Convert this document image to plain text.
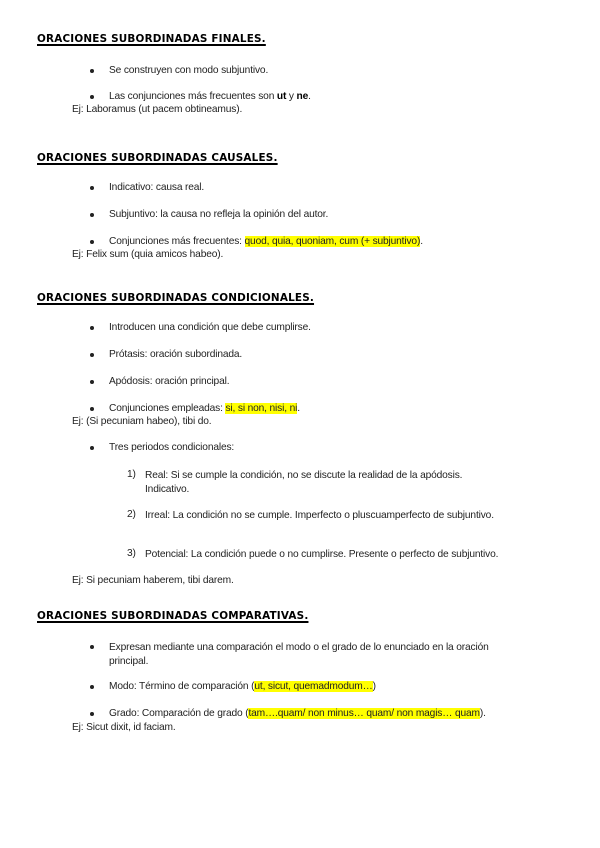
ORACIONES SUBORDINADAS FINALES.
Se construyen con modo subjuntivo.
Las conjunciones más frecuentes son ut y ne.
Ej: Laboramus (ut pacem obtineamus).
ORACIONES SUBORDINADAS CAUSALES.
Indicativo: causa real.
Subjuntivo: la causa no refleja la opinión del autor.
Conjunciones más frecuentes: quod, quia, quoniam, cum (+ subjuntivo).
Ej: Felix sum (quia amicos habeo).
ORACIONES SUBORDINADAS CONDICIONALES.
Introducen una condición que debe cumplirse.
Prótasis: oración subordinada.
Apódosis: oración principal.
Conjunciones empleadas: si, si non, nisi, ni.
Ej: (Si pecuniam habeo), tibi do.
Tres periodos condicionales:
1) Real: Si se cumple la condición, no se discute la realidad de la apódosis. Indicativo.
2) Irreal: La condición no se cumple. Imperfecto o pluscuamperfecto de subjuntivo.
3) Potencial: La condición puede o no cumplirse. Presente o perfecto de subjuntivo.
Ej: Si pecuniam haberem, tibi darem.
ORACIONES SUBORDINADAS COMPARATIVAS.
Expresan mediante una comparación el modo o el grado de lo enunciado en la oración principal.
Modo: Término de comparación (ut, sicut, quemadmodum…)
Grado: Comparación de grado (tam….quam/ non minus… quam/ non magis… quam).
Ej: Sicut dixit, id faciam.
